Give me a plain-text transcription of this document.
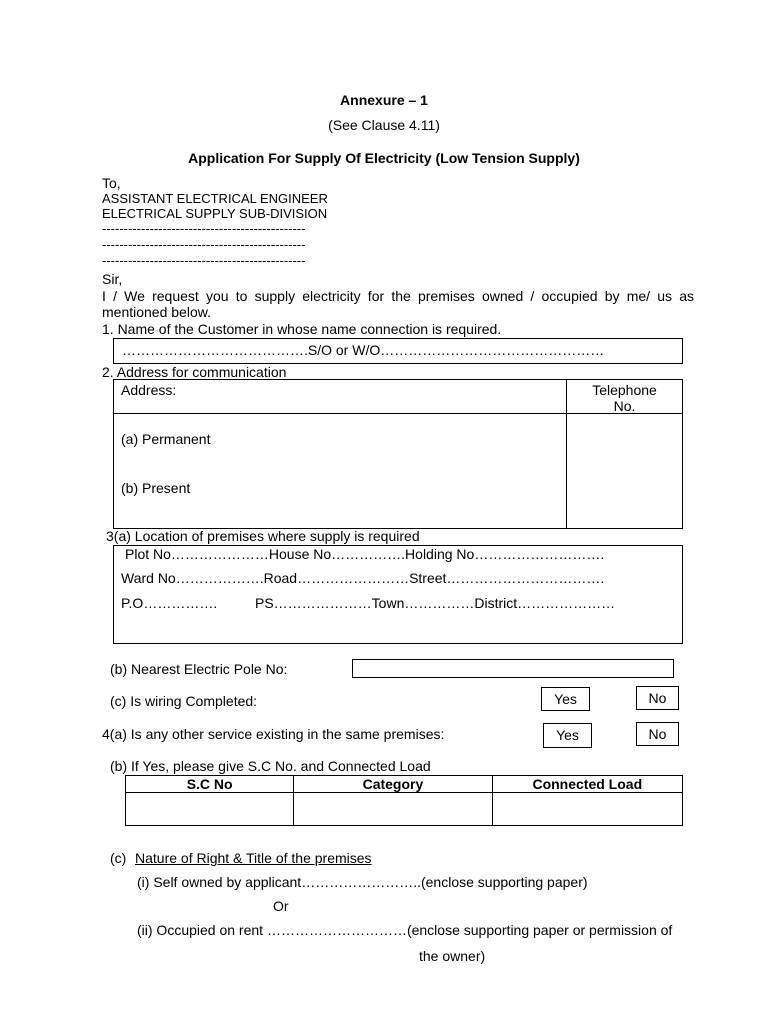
Annexure – 1
(See Clause 4.11)
Application For Supply Of Electricity (Low Tension Supply)
To,
ASSISTANT ELECTRICAL ENGINEER
ELECTRICAL SUPPLY SUB-DIVISION
-----------------------------------------------
-----------------------------------------------
-----------------------------------------------
Sir,
I / We request you to supply electricity for the premises owned / occupied by me/ us as
mentioned below.
1. Name of the Customer in whose name connection is required.
………………………………….S/O or W/O…………………………………………
2. Address for communication
Address:	Telephone
No.
(a) Permanent
(b) Present
3(a) Location of premises where supply is required
Plot No…………………House No…………….Holding No……………………….
Ward No……………….Road……………………Street…………………………….
P.O…………….	PS…………………Town……………District…………………
(b) Nearest Electric Pole No:
(c) Is wiring Completed:	Yes	No
4(a) Is any other service existing in the same premises:	Yes	No
(b) If Yes, please give S.C No. and Connected Load
S.C No	Category	Connected Load

(c) Nature of Right & Title of the premises
(i) Self owned by applicant……………………..(enclose supporting paper)
Or
(ii) Occupied on rent …………………………(enclose supporting paper or permission of
the owner)
